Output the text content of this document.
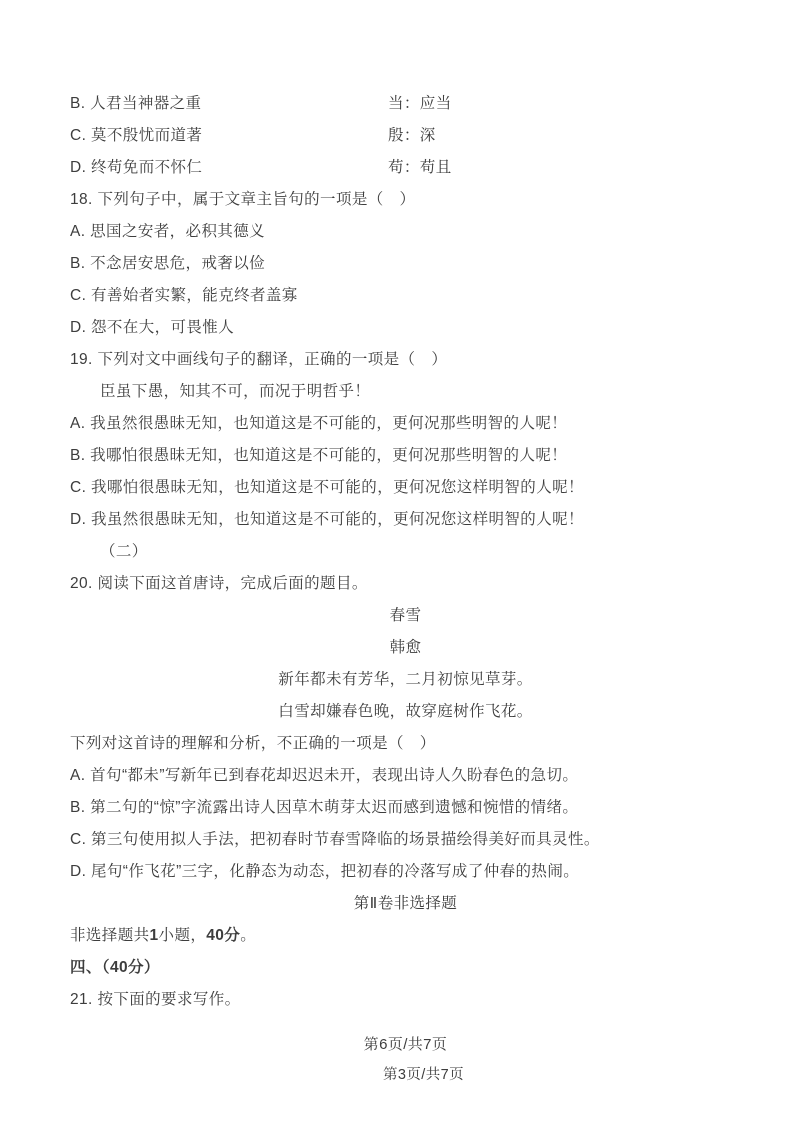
B. 人君当神器之重	当：应当
C. 莫不殷忧而道著	殷：深
D. 终苟免而不怀仁	苟：苟且
18. 下列句子中，属于文章主旨句的一项是（　）
A. 思国之安者，必积其德义
B. 不念居安思危，戒奢以俭
C. 有善始者实繁，能克终者盖寡
D. 怨不在大，可畏惟人
19. 下列对文中画线句子的翻译，正确的一项是（　）
臣虽下愚，知其不可，而况于明哲乎！
A. 我虽然很愚昧无知，也知道这是不可能的，更何况那些明智的人呢！
B. 我哪怕很愚昧无知，也知道这是不可能的，更何况那些明智的人呢！
C. 我哪怕很愚昧无知，也知道这是不可能的，更何况您这样明智的人呢！
D. 我虽然很愚昧无知，也知道这是不可能的，更何况您这样明智的人呢！
（二）
20. 阅读下面这首唐诗，完成后面的题目。
春雪
韩愈
新年都未有芳华，二月初惊见草芽。
白雪却嫌春色晚，故穿庭树作飞花。
下列对这首诗的理解和分析，不正确的一项是（　）
A. 首句“都未”写新年已到春花却迟迟未开，表现出诗人久盼春色的急切。
B. 第二句的“惊”字流露出诗人因草木萌芽太迟而感到遗憾和惋惜的情绪。
C. 第三句使用拟人手法，把初春时节春雪降临的场景描绘得美好而具灵性。
D. 尾句“作飞花”三字，化静态为动态，把初春的冷落写成了仲春的热闹。
第Ⅱ卷非选择题
非选择题共1小题，40分。
四、（40分）
21. 按下面的要求写作。
第6页/共7页
第3页/共7页
